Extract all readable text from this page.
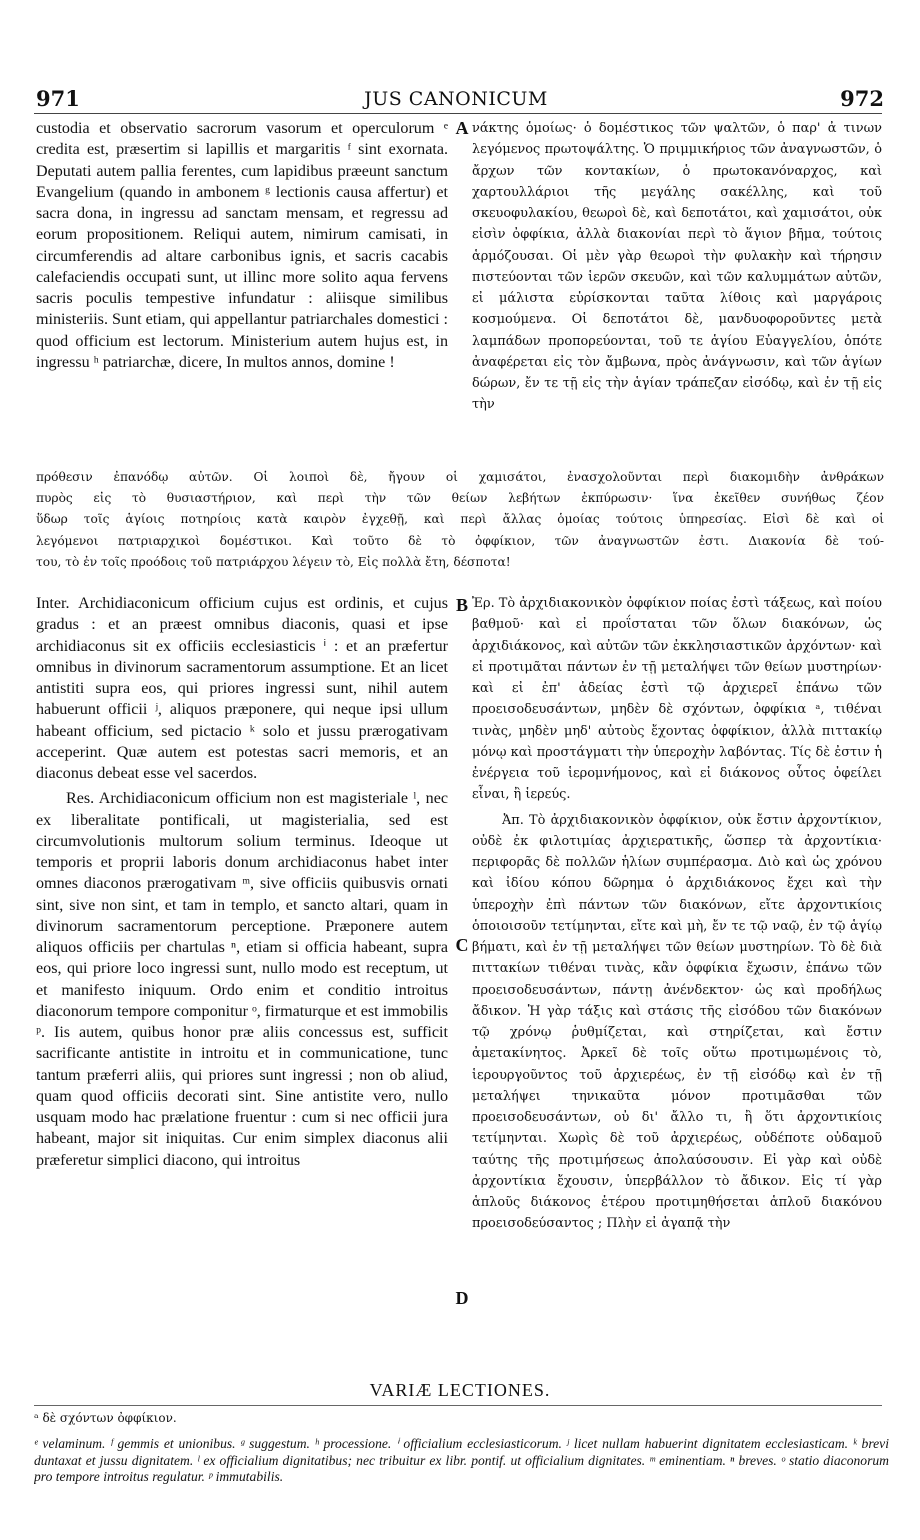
971	JUS CANONICUM	972

custodia et observatio sacrorum vasorum et operculorum ᵉ credita est, præsertim si lapillis et margaritis ᶠ sint exornata. Deputati autem pallia ferentes, cum lapidibus præeunt sanctum Evangelium (quando in ambonem ᵍ lectionis causa affertur) et sacra dona, in ingressu ad sanctam mensam, et regressu ad eorum propositionem. Reliqui autem, nimirum camisati, in circumferendis ad altare carbonibus ignis, et sacris cacabis calefaciendis occupati sunt, ut illinc more solito aqua fervens sacris poculis tempestive infundatur : aliisque similibus ministeriis. Sunt etiam, qui appellantur patriarchales domestici : quod officium est lectorum. Ministerium autem hujus est, in ingressu ʰ patriarchæ, dicere, In multos annos, domine !

A νάκτης ὁμοίως· ὁ δομέστικος τῶν ψαλτῶν, ὁ παρ' ἀ τινων λεγόμενος πρωτοψάλτης. Ὁ πριμμικήριος τῶν ἀναγνωστῶν, ὁ ἄρχων τῶν κοντακίων, ὁ πρωτοκανόναρχος, καὶ χαρτουλλάριοι τῆς μεγάλης σακέλλης, καὶ τοῦ σκευοφυλακίου, θεωροὶ δὲ, καὶ δεποτάτοι, καὶ χαμισάτοι, οὐκ εἰσὶν ὀφφίκια, ἀλλὰ διακονίαι περὶ τὸ ἅγιον βῆμα, τούτοις ἁρμόζουσαι. Οἱ μὲν γὰρ θεωροὶ τὴν φυλακὴν καὶ τήρησιν πιστεύονται τῶν ἱερῶν σκευῶν, καὶ τῶν καλυμμάτων αὐτῶν, εἰ μάλιστα εὑρίσκονται ταῦτα λίθοις καὶ μαργάροις κοσμούμενα. Οἱ δεποτάτοι δὲ, μανδυοφοροῦντες μετὰ λαμπάδων προπορεύονται, τοῦ τε ἁγίου Εὐαγγελίου, ὁπότε ἀναφέρεται εἰς τὸν ἄμβωνα, πρὸς ἀνάγνωσιν, καὶ τῶν ἁγίων δώρων, ἔν τε τῇ εἰς τὴν ἁγίαν τράπεζαν εἰσόδῳ, καὶ ἐν τῇ εἰς τὴν

πρόθεσιν ἐπανόδῳ αὐτῶν. Οἱ λοιποὶ δὲ, ἤγουν οἱ χαμισάτοι, ἐνασχολοῦνται περὶ διακομιδὴν ἀνθράκων
πυρὸς εἰς τὸ θυσιαστήριον, καὶ περὶ τὴν τῶν θείων λεβήτων ἐκπύρωσιν· ἵνα ἐκεῖθεν συνήθως ζέον
ὕδωρ τοῖς ἁγίοις ποτηρίοις κατὰ καιρὸν ἐγχεθῇ, καὶ περὶ ἄλλας ὁμοίας τούτοις ὑπηρεσίας. Εἰσὶ δὲ καὶ οἱ
λεγόμενοι πατριαρχικοὶ δομέστικοι. Καὶ τοῦτο δὲ τὸ ὀφφίκιον, τῶν ἀναγνωστῶν ἐστι. Διακονία δὲ τού-
του, τὸ ἐν τοῖς προόδοις τοῦ πατριάρχου λέγειν τὸ, Εἰς πολλὰ ἔτη, δέσποτα!

Inter. Archidiaconicum officium cujus est ordinis, et cujus gradus : et an præest omnibus diaconis, quasi et ipse archidiaconus sit ex officiis ecclesiasticis ⁱ : et an præfertur omnibus in divinorum sacramentorum assumptione. Et an licet antistiti supra eos, qui priores ingressi sunt, nihil autem habuerunt officii ʲ, aliquos præponere, qui neque ipsi ullum habeant officium, sed pictacio ᵏ solo et jussu prærogativam acceperint. Quæ autem est potestas sacri memoris, et an diaconus debeat esse vel sacerdos.

Res. Archidiaconicum officium non est magisteriale ˡ, nec ex liberalitate pontificali, ut magisterialia, sed est circumvolutionis multorum solium terminus. Ideoque ut temporis et proprii laboris donum archidiaconus habet inter omnes diaconos prærogativam ᵐ, sive officiis quibusvis ornati sint, sive non sint, et tam in templo, et sancto altari, quam in divinorum sacramentorum perceptione. Præponere autem aliquos officiis per chartulas ⁿ, etiam si officia habeant, supra eos, qui priore loco ingressi sunt, nullo modo est receptum, ut et manifesto iniquum. Ordo enim et conditio introitus diaconorum tempore componitur ᵒ, firmaturque et est immobilis ᵖ. Iis autem, quibus honor præ aliis concessus est, sufficit sacrificante antistite in introitu et in communicatione, tunc tantum præferri aliis, qui priores sunt ingressi ; non ob aliud, quam quod officiis decorati sint. Sine antistite vero, nullo usquam modo hac prælatione fruentur : cum si nec officii jura habeant, major sit iniquitas. Cur enim simplex diaconus alii præferetur simplici diacono, qui introitus

B
C
D

Ἐρ. Τὸ ἀρχιδιακονικὸν ὀφφίκιον ποίας ἐστὶ τάξεως, καὶ ποίου βαθμοῦ· καὶ εἰ προΐσταται τῶν ὅλων διακόνων, ὡς ἀρχιδιάκονος, καὶ αὐτῶν τῶν ἐκκλησιαστικῶν ἀρχόντων· καὶ εἰ προτιμᾶται πάντων ἐν τῇ μεταλήψει τῶν θείων μυστηρίων· καὶ εἰ ἐπ' ἀδείας ἐστὶ τῷ ἀρχιερεῖ ἐπάνω τῶν προεισοδευσάντων, μηδὲν δὲ σχόντων, ὀφφίκια ᵃ, τιθέναι τινὰς, μηδὲν μηδ' αὐτοὺς ἔχοντας ὀφφίκιον, ἀλλὰ πιττακίῳ μόνῳ καὶ προστάγματι τὴν ὑπεροχὴν λαβόντας. Τίς δὲ ἐστιν ἡ ἐνέργεια τοῦ ἱερομνήμονος, καὶ εἰ διάκονος οὗτος ὀφείλει εἶναι, ἢ ἱερεύς.

Ἀπ. Τὸ ἀρχιδιακονικὸν ὀφφίκιον, οὐκ ἔστιν ἀρχοντίκιον, οὐδὲ ἐκ φιλοτιμίας ἀρχιερατικῆς, ὥσπερ τὰ ἀρχοντίκια· περιφορᾶς δὲ πολλῶν ἡλίων συμπέρασμα. Διὸ καὶ ὡς χρόνου καὶ ἰδίου κόπου δῶρημα ὁ ἀρχιδιάκονος ἔχει καὶ τὴν ὑπεροχὴν ἐπὶ πάντων τῶν διακόνων, εἴτε ἀρχοντικίοις ὁποιοισοῦν τετίμηνται, εἴτε καὶ μὴ, ἔν τε τῷ ναῷ, ἐν τῷ ἁγίῳ βήματι, καὶ ἐν τῇ μεταλήψει τῶν θείων μυστηρίων. Τὸ δὲ διὰ πιττακίων τιθέναι τινὰς, κἂν ὀφφίκια ἔχωσιν, ἐπάνω τῶν προεισοδευσάντων, πάντῃ ἀνένδεκτον· ὡς καὶ προδήλως ἄδικον. Ἡ γὰρ τάξις καὶ στάσις τῆς εἰσόδου τῶν διακόνων τῷ χρόνῳ ῥυθμίζεται, καὶ στηρίζεται, καὶ ἔστιν ἀμετακίνητος. Ἀρκεῖ δὲ τοῖς οὕτω προτιμωμένοις τὸ, ἱερουργοῦντος τοῦ ἀρχιερέως, ἐν τῇ εἰσόδῳ καὶ ἐν τῇ μεταλήψει τηνικαῦτα μόνον προτιμᾶσθαι τῶν προεισοδευσάντων, οὐ δι' ἄλλο τι, ἢ ὅτι ἀρχοντικίοις τετίμηνται. Χωρὶς δὲ τοῦ ἀρχιερέως, οὐδέποτε οὐδαμοῦ ταύτης τῆς προτιμήσεως ἀπολαύσουσιν. Εἰ γὰρ καὶ οὐδὲ ἀρχοντίκια ἔχουσιν, ὑπερβάλλον τὸ ἄδικον. Εἰς τί γὰρ ἁπλοῦς διάκονος ἑτέρου προτιμηθήσεται ἁπλοῦ διακόνου προεισοδεύσαντος ; Πλὴν εἰ ἀγαπᾷ τὴν

VARIÆ LECTIONES.
ᵃ δὲ σχόντων ὀφφίκιον.
ᵉ velaminum. ᶠ gemmis et unionibus. ᵍ suggestum. ʰ processione. ⁱ officialium ecclesiasticorum. ʲ licet nullam habuerint dignitatem ecclesiasticam. ᵏ brevi duntaxat et jussu dignitatem. ˡ ex officialium dignitatibus; nec tribuitur ex libr. pontif. ut officialium dignitates. ᵐ eminentiam. ⁿ breves. ᵒ statio diaconorum pro tempore introitus regulatur. ᵖ immutabilis.
